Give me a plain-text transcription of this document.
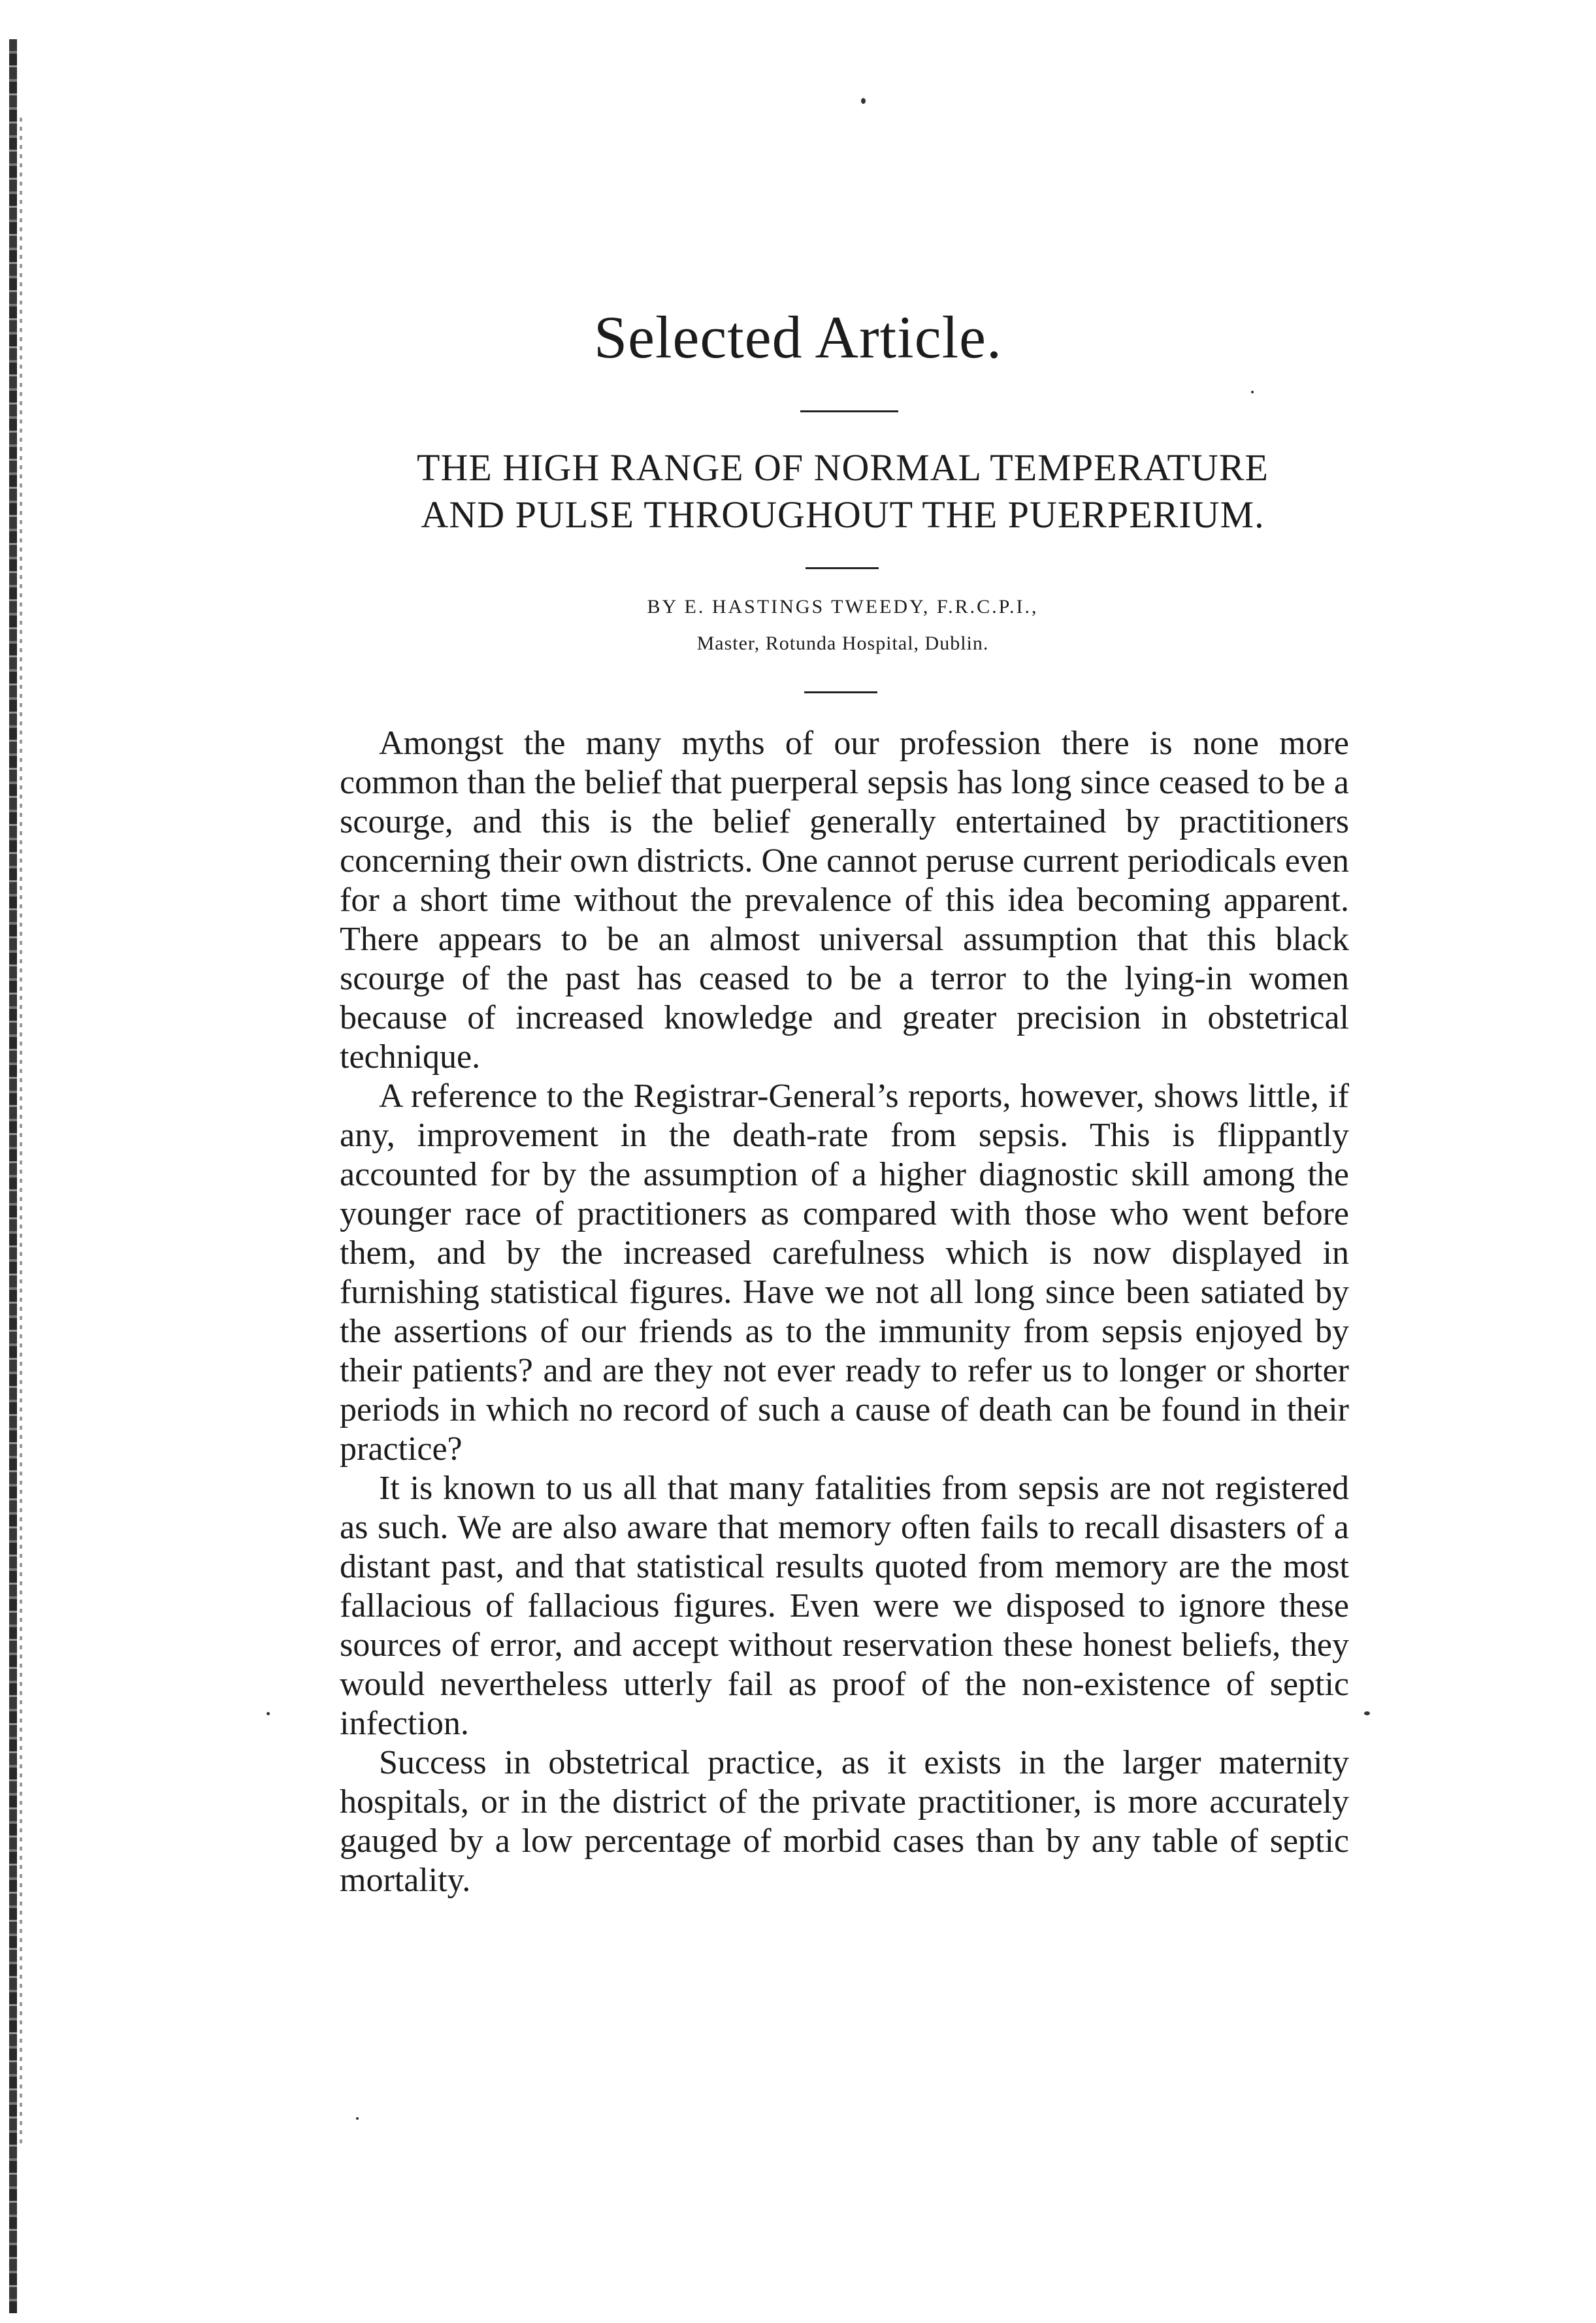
Selected Article.
THE HIGH RANGE OF NORMAL TEMPERATURE
AND PULSE THROUGHOUT THE PUERPERIUM.
BY E. HASTINGS TWEEDY, F.R.C.P.I.,
Master, Rotunda Hospital, Dublin.

Amongst the many myths of our profession there is none more common than the belief that puerperal sepsis has long since ceased to be a scourge, and this is the belief generally entertained by practitioners concerning their own districts. One cannot peruse current periodicals even for a short time without the prevalence of this idea becoming apparent. There appears to be an almost universal assumption that this black scourge of the past has ceased to be a terror to the lying-in women because of increased knowledge and greater precision in obstetrical technique.

A reference to the Registrar-General’s reports, however, shows little, if any, improvement in the death-rate from sepsis. This is flippantly accounted for by the assumption of a higher diagnostic skill among the younger race of practitioners as compared with those who went before them, and by the increased carefulness which is now displayed in furnishing statistical figures. Have we not all long since been satiated by the assertions of our friends as to the immunity from sepsis enjoyed by their patients? and are they not ever ready to refer us to longer or shorter periods in which no record of such a cause of death can be found in their practice?

It is known to us all that many fatalities from sepsis are not registered as such. We are also aware that memory often fails to recall disasters of a distant past, and that statistical results quoted from memory are the most fallacious of fallacious figures. Even were we disposed to ignore these sources of error, and accept without reservation these honest beliefs, they would nevertheless utterly fail as proof of the non-existence of septic infection.

Success in obstetrical practice, as it exists in the larger maternity hospitals, or in the district of the private practitioner, is more accurately gauged by a low percentage of morbid cases than by any table of septic mortality.
